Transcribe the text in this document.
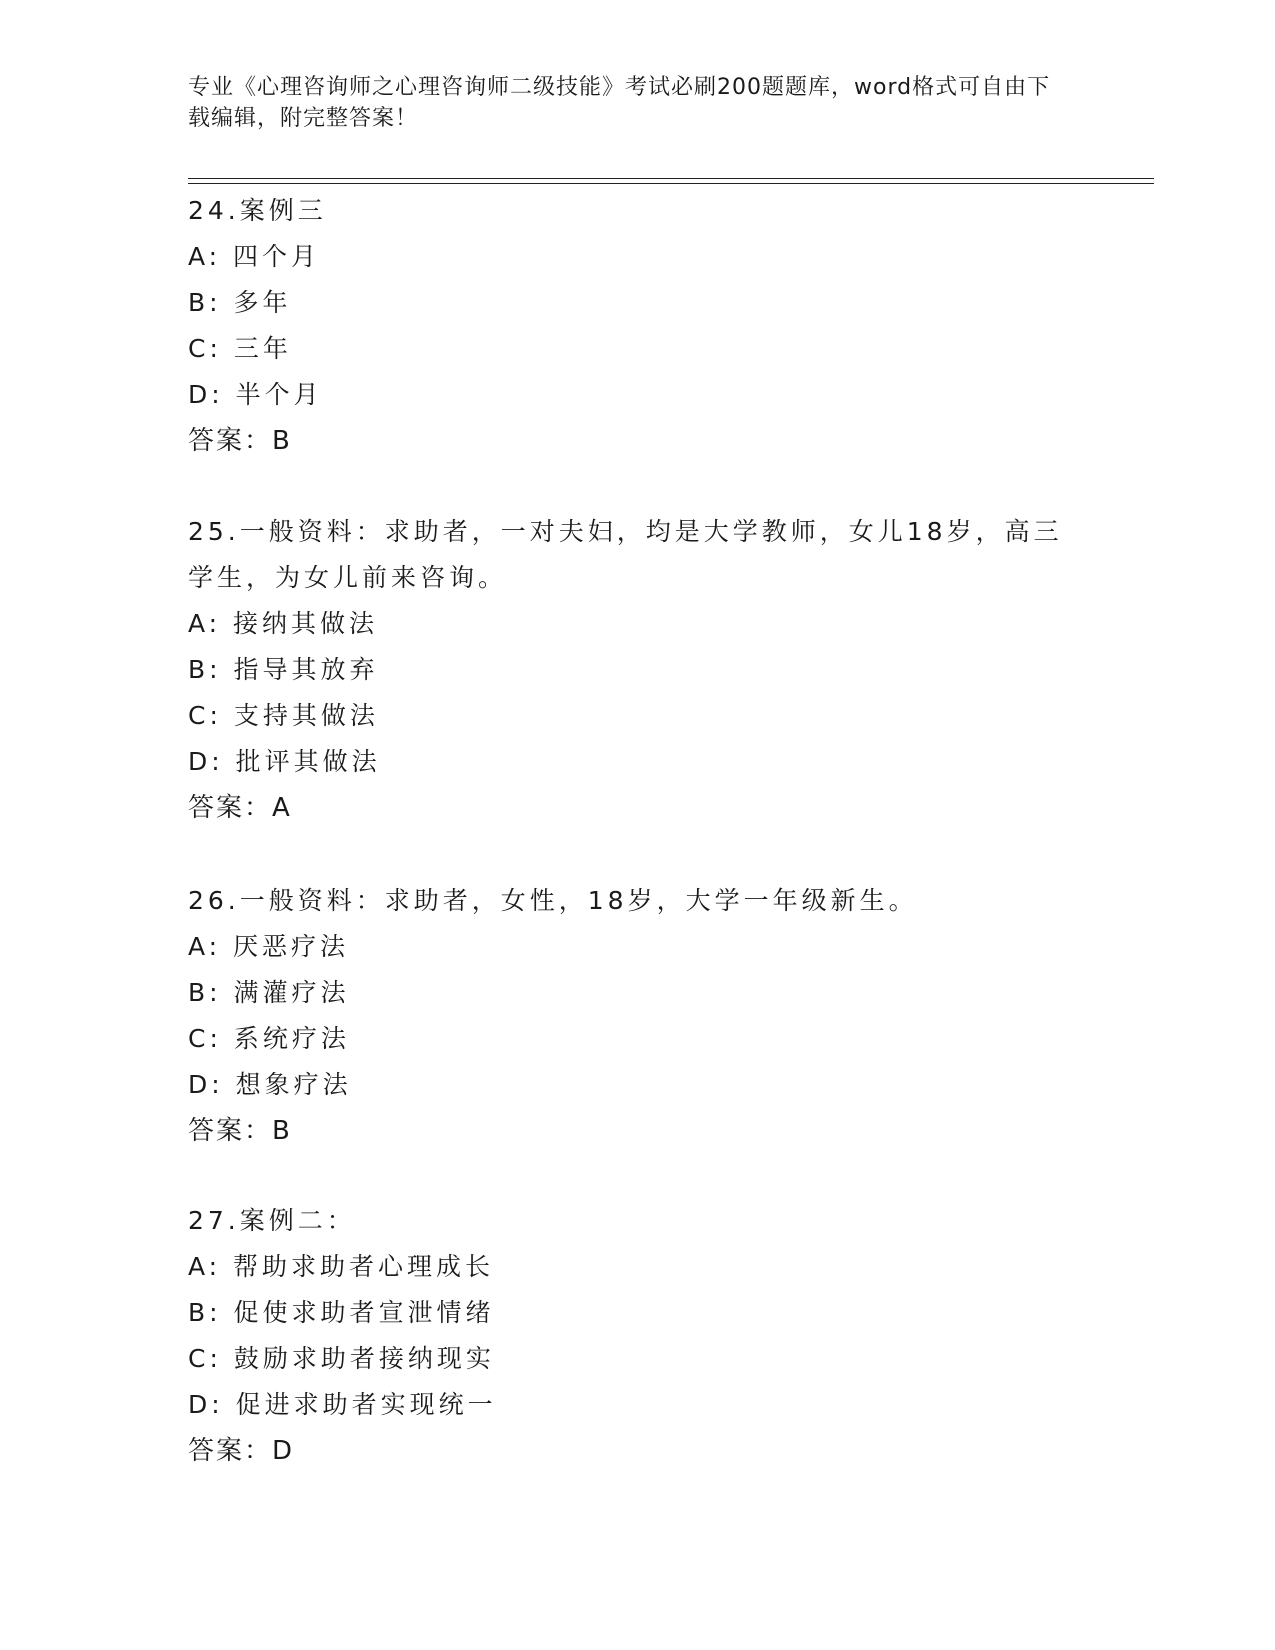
专业《心理咨询师之心理咨询师二级技能》考试必刷200题题库，word格式可自由下载编辑，附完整答案！
24.案例三
A: 四个月
B: 多年
C: 三年
D: 半个月
答案：B
25.一般资料：求助者，一对夫妇，均是大学教师，女儿18岁，高三学生，为女儿前来咨询。
A: 接纳其做法
B: 指导其放弃
C: 支持其做法
D: 批评其做法
答案：A
26.一般资料：求助者，女性，18岁，大学一年级新生。
A: 厌恶疗法
B: 满灌疗法
C: 系统疗法
D: 想象疗法
答案：B
27.案例二：
A: 帮助求助者心理成长
B: 促使求助者宣泄情绪
C: 鼓励求助者接纳现实
D: 促进求助者实现统一
答案：D
